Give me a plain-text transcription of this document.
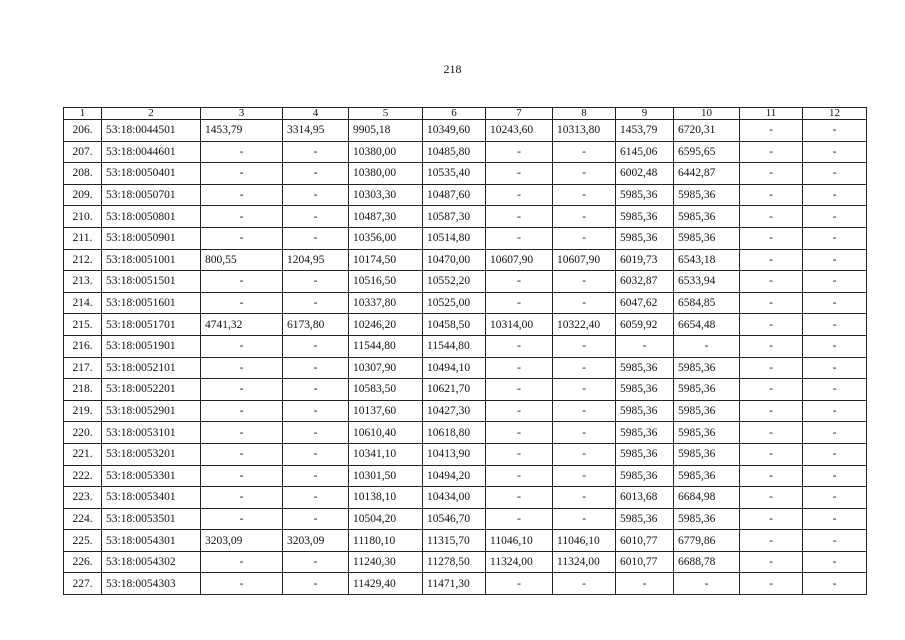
218
1	2	3	4	5	6	7	8	9	10	11	12
206.	53:18:0044501	1453,79	3314,95	9905,18	10349,60	10243,60	10313,80	1453,79	6720,31	-	-
207.	53:18:0044601	-	-	10380,00	10485,80	-	-	6145,06	6595,65	-	-
208.	53:18:0050401	-	-	10380,00	10535,40	-	-	6002,48	6442,87	-	-
209.	53:18:0050701	-	-	10303,30	10487,60	-	-	5985,36	5985,36	-	-
210.	53:18:0050801	-	-	10487,30	10587,30	-	-	5985,36	5985,36	-	-
211.	53:18:0050901	-	-	10356,00	10514,80	-	-	5985,36	5985,36	-	-
212.	53:18:0051001	800,55	1204,95	10174,50	10470,00	10607,90	10607,90	6019,73	6543,18	-	-
213.	53:18:0051501	-	-	10516,50	10552,20	-	-	6032,87	6533,94	-	-
214.	53:18:0051601	-	-	10337,80	10525,00	-	-	6047,62	6584,85	-	-
215.	53:18:0051701	4741,32	6173,80	10246,20	10458,50	10314,00	10322,40	6059,92	6654,48	-	-
216.	53:18:0051901	-	-	11544,80	11544,80	-	-	-	-	-	-
217.	53:18:0052101	-	-	10307,90	10494,10	-	-	5985,36	5985,36	-	-
218.	53:18:0052201	-	-	10583,50	10621,70	-	-	5985,36	5985,36	-	-
219.	53:18:0052901	-	-	10137,60	10427,30	-	-	5985,36	5985,36	-	-
220.	53:18:0053101	-	-	10610,40	10618,80	-	-	5985,36	5985,36	-	-
221.	53:18:0053201	-	-	10341,10	10413,90	-	-	5985,36	5985,36	-	-
222.	53:18:0053301	-	-	10301,50	10494,20	-	-	5985,36	5985,36	-	-
223.	53:18:0053401	-	-	10138,10	10434,00	-	-	6013,68	6684,98	-	-
224.	53:18:0053501	-	-	10504,20	10546,70	-	-	5985,36	5985,36	-	-
225.	53:18:0054301	3203,09	3203,09	11180,10	11315,70	11046,10	11046,10	6010,77	6779,86	-	-
226.	53:18:0054302	-	-	11240,30	11278,50	11324,00	11324,00	6010,77	6688,78	-	-
227.	53:18:0054303	-	-	11429,40	11471,30	-	-	-	-	-	-
